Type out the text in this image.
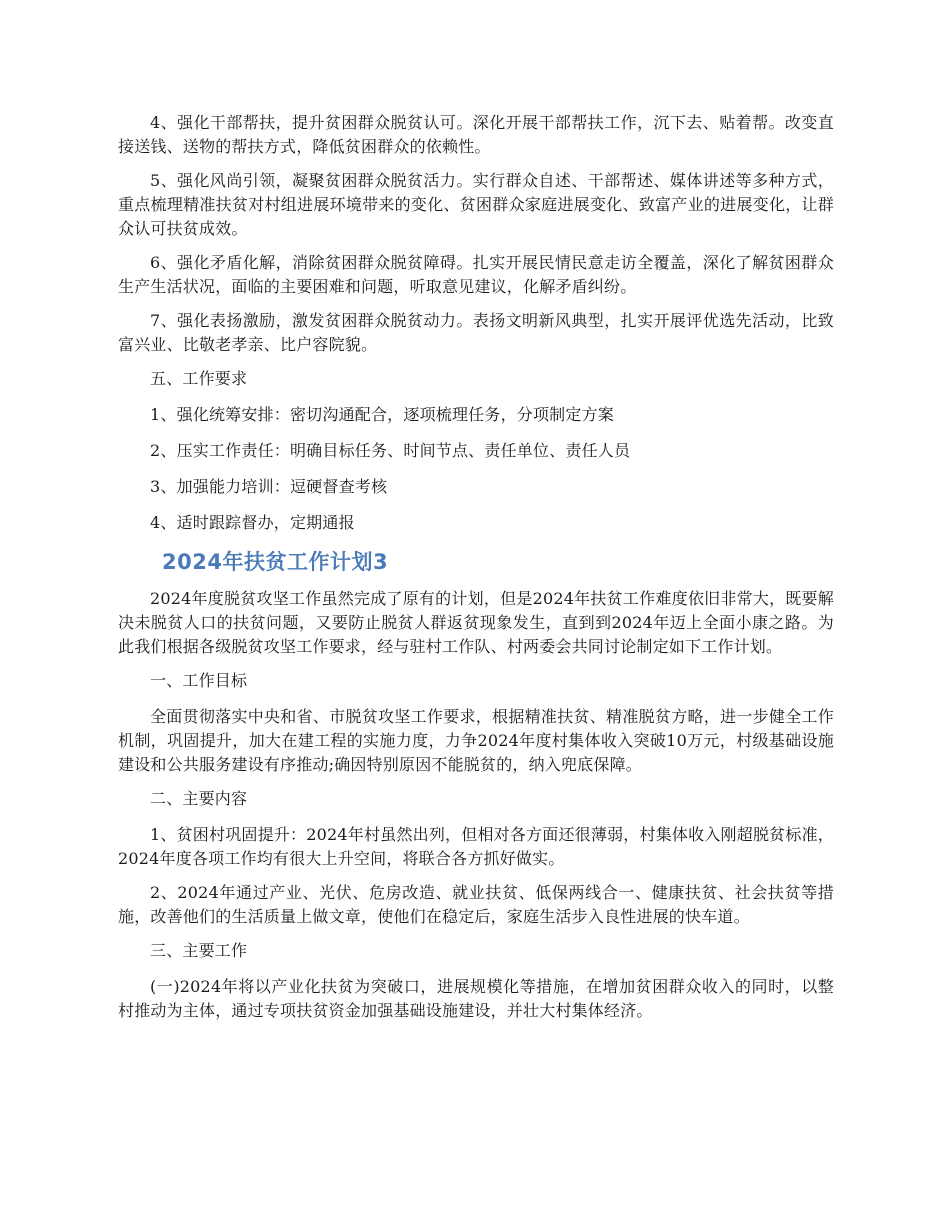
4、强化干部帮扶，提升贫困群众脱贫认可。深化开展干部帮扶工作，沉下去、贴着帮。改变直接送钱、送物的帮扶方式，降低贫困群众的依赖性。

5、强化风尚引领，凝聚贫困群众脱贫活力。实行群众自述、干部帮述、媒体讲述等多种方式，重点梳理精准扶贫对村组进展环境带来的变化、贫困群众家庭进展变化、致富产业的进展变化，让群众认可扶贫成效。

6、强化矛盾化解，消除贫困群众脱贫障碍。扎实开展民情民意走访全覆盖，深化了解贫困群众生产生活状况，面临的主要困难和问题，听取意见建议，化解矛盾纠纷。

7、强化表扬激励，激发贫困群众脱贫动力。表扬文明新风典型，扎实开展评优选先活动，比致富兴业、比敬老孝亲、比户容院貌。

五、工作要求

1、强化统筹安排：密切沟通配合，逐项梳理任务，分项制定方案

2、压实工作责任：明确目标任务、时间节点、责任单位、责任人员

3、加强能力培训：逗硬督查考核

4、适时跟踪督办，定期通报

2024年扶贫工作计划3

2024年度脱贫攻坚工作虽然完成了原有的计划，但是2024年扶贫工作难度依旧非常大，既要解决未脱贫人口的扶贫问题，又要防止脱贫人群返贫现象发生，直到到2024年迈上全面小康之路。为此我们根据各级脱贫攻坚工作要求，经与驻村工作队、村两委会共同讨论制定如下工作计划。

一、工作目标

全面贯彻落实中央和省、市脱贫攻坚工作要求，根据精准扶贫、精准脱贫方略，进一步健全工作机制，巩固提升，加大在建工程的实施力度，力争2024年度村集体收入突破10万元，村级基础设施建设和公共服务建设有序推动;确因特别原因不能脱贫的，纳入兜底保障。

二、主要内容

1、贫困村巩固提升：2024年村虽然出列，但相对各方面还很薄弱，村集体收入刚超脱贫标准，2024年度各项工作均有很大上升空间，将联合各方抓好做实。

2、2024年通过产业、光伏、危房改造、就业扶贫、低保两线合一、健康扶贫、社会扶贫等措施，改善他们的生活质量上做文章，使他们在稳定后，家庭生活步入良性进展的快车道。

三、主要工作

(一)2024年将以产业化扶贫为突破口，进展规模化等措施，在增加贫困群众收入的同时，以整村推动为主体，通过专项扶贫资金加强基础设施建设，并壮大村集体经济。
